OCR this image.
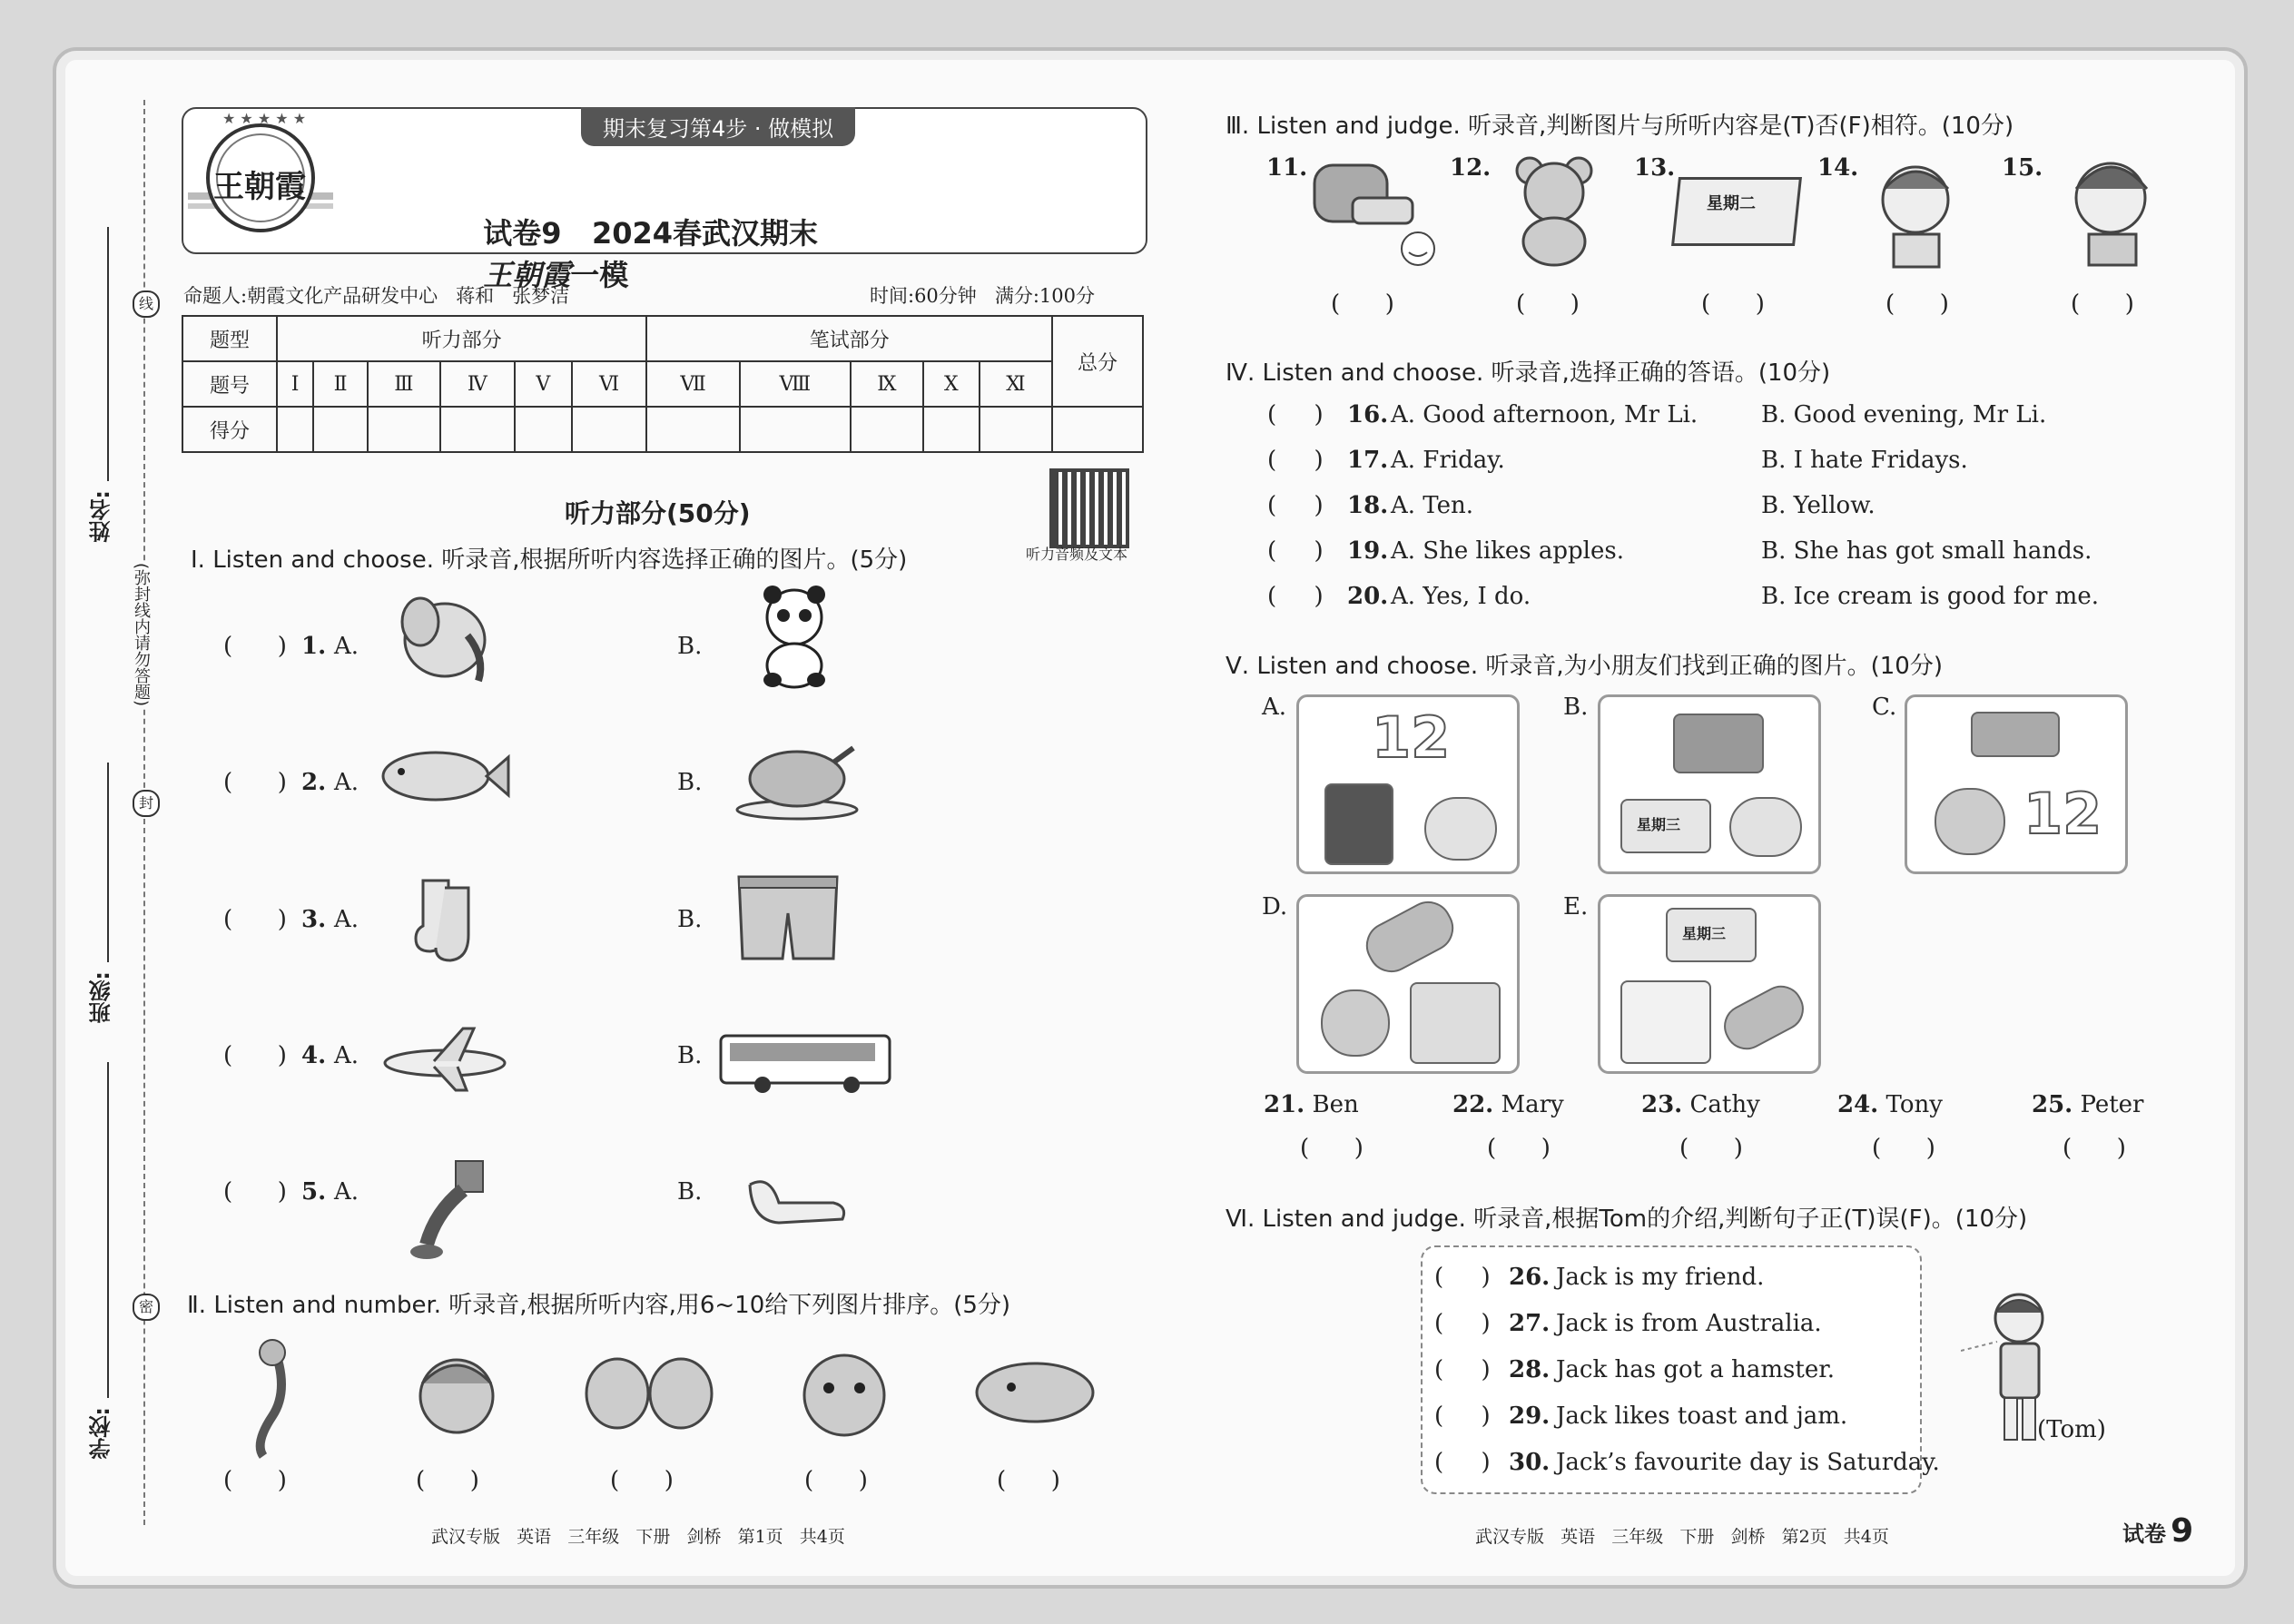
姓名:
班级:
学校:
线
(弥封线内请勿答题)
封
密
★ ★ ★ ★ ★
王朝霞
期末复习第4步 · 做模拟

试卷9   2024春武汉期末
王朝霞一模

命题人:朝霞文化产品研发中心   蒋和   张梦洁	时间:60分钟   满分:100分
题型	听力部分						笔试部分					总分
题号	Ⅰ	Ⅱ	Ⅲ	Ⅳ	Ⅴ	Ⅵ	Ⅶ	Ⅷ	Ⅸ	Ⅹ	Ⅺ	
得分												
听力部分(50分)
听力音频及文本
Ⅰ. Listen and choose. 听录音,根据所听内容选择正确的图片。(5分)
(      ) 1. A.	B.
(      ) 2. A.	B.
(      ) 3. A.	B.
(      ) 4. A.	B.
(      ) 5. A.	B.
Ⅱ. Listen and number. 听录音,根据所听内容,用6~10给下列图片排序。(5分)
(      )	(      )	(      )	(      )	(      )
武汉专版   英语   三年级   下册   剑桥   第1页   共4页
Ⅲ. Listen and judge. 听录音,判断图片与所听内容是(T)否(F)相符。(10分)
11.	12.	13.	14.	15.
星期二
(      )	(      )	(      )	(      )	(      )
Ⅳ. Listen and choose. 听录音,选择正确的答语。(10分)
(     ) 16. A. Good afternoon, Mr Li.	B. Good evening, Mr Li.
(     ) 17. A. Friday.	B. I hate Fridays.
(     ) 18. A. Ten.	B. Yellow.
(     ) 19. A. She likes apples.	B. She has got small hands.
(     ) 20. A. Yes, I do.	B. Ice cream is good for me.
Ⅴ. Listen and choose. 听录音,为小朋友们找到正确的图片。(10分)
A. 12	B.
星期三
C.
12
D.	E.
星期三
21. Ben	22. Mary	23. Cathy	24. Tony	25. Peter
(      )	(      )	(      )	(      )	(      )
Ⅵ. Listen and judge. 听录音,根据Tom的介绍,判断句子正(T)误(F)。(10分)
(     ) 26. Jack is my friend.
(     ) 27. Jack is from Australia.
(     ) 28. Jack has got a hamster.
(     ) 29. Jack likes toast and jam.
(     ) 30. Jack’s favourite day is Saturday.
(Tom)
武汉专版   英语   三年级   下册   剑桥   第2页   共4页	试卷 9
